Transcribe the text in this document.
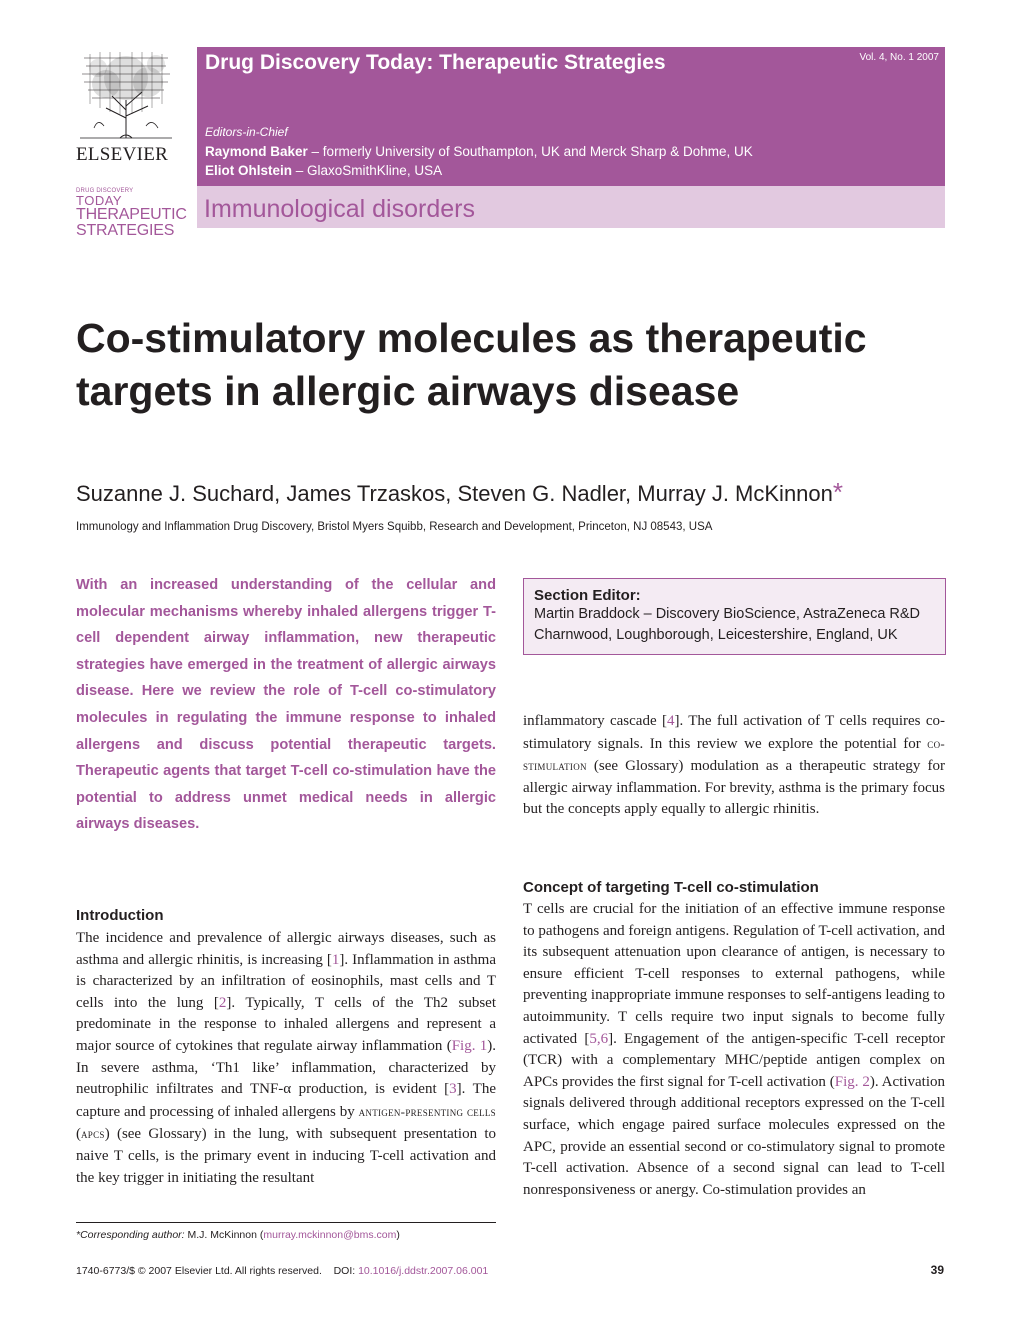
ELSEVIER
DRUG DISCOVERY
TODAY
THERAPEUTIC
STRATEGIES
Drug Discovery Today: Therapeutic Strategies	Vol. 4, No. 1 2007
Editors-in-Chief
Raymond Baker – formerly University of Southampton, UK and Merck Sharp & Dohme, UK
Eliot Ohlstein – GlaxoSmithKline, USA
Immunological disorders
Co-stimulatory molecules as therapeutic targets in allergic airways disease
Suzanne J. Suchard, James Trzaskos, Steven G. Nadler, Murray J. McKinnon*
Immunology and Inflammation Drug Discovery, Bristol Myers Squibb, Research and Development, Princeton, NJ 08543, USA

With an increased understanding of the cellular and molecular mechanisms whereby inhaled allergens trigger T-cell dependent airway inflammation, new therapeutic strategies have emerged in the treatment of allergic airways disease. Here we review the role of T-cell co-stimulatory molecules in regulating the immune response to inhaled allergens and discuss potential therapeutic targets. Therapeutic agents that target T-cell co-stimulation have the potential to address unmet medical needs in allergic airways diseases.

Introduction

The incidence and prevalence of allergic airways diseases, such as asthma and allergic rhinitis, is increasing [1]. Inflammation in asthma is characterized by an infiltration of eosinophils, mast cells and T cells into the lung [2]. Typically, T cells of the Th2 subset predominate in the response to inhaled allergens and represent a major source of cytokines that regulate airway inflammation (Fig. 1). In severe asthma, ‘Th1 like’ inflammation, characterized by neutrophilic infiltrates and TNF-α production, is evident [3]. The capture and processing of inhaled allergens by antigen-presenting cells (apcs) (see Glossary) in the lung, with subsequent presentation to naive T cells, is the primary event in inducing T-cell activation and the key trigger in initiating the resultant

Section Editor:
Martin Braddock – Discovery BioScience, AstraZeneca R&D Charnwood, Loughborough, Leicestershire, England, UK

inflammatory cascade [4]. The full activation of T cells requires co-stimulatory signals. In this review we explore the potential for co-stimulation (see Glossary) modulation as a therapeutic strategy for allergic airway inflammation. For brevity, asthma is the primary focus but the concepts apply equally to allergic rhinitis.

Concept of targeting T-cell co-stimulation

T cells are crucial for the initiation of an effective immune response to pathogens and foreign antigens. Regulation of T-cell activation, and its subsequent attenuation upon clearance of antigen, is necessary to ensure efficient T-cell responses to external pathogens, while preventing inappropriate immune responses to self-antigens leading to autoimmunity. T cells require two input signals to become fully activated [5,6]. Engagement of the antigen-specific T-cell receptor (TCR) with a complementary MHC/peptide antigen complex on APCs provides the first signal for T-cell activation (Fig. 2). Activation signals delivered through additional receptors expressed on the T-cell surface, which engage paired surface molecules expressed on the APC, provide an essential second or co-stimulatory signal to promote T-cell activation. Absence of a second signal can lead to T-cell nonresponsiveness or anergy. Co-stimulation provides an

*Corresponding author: M.J. McKinnon (murray.mckinnon@bms.com)
1740-6773/$ © 2007 Elsevier Ltd. All rights reserved. DOI: 10.1016/j.ddstr.2007.06.001	39
